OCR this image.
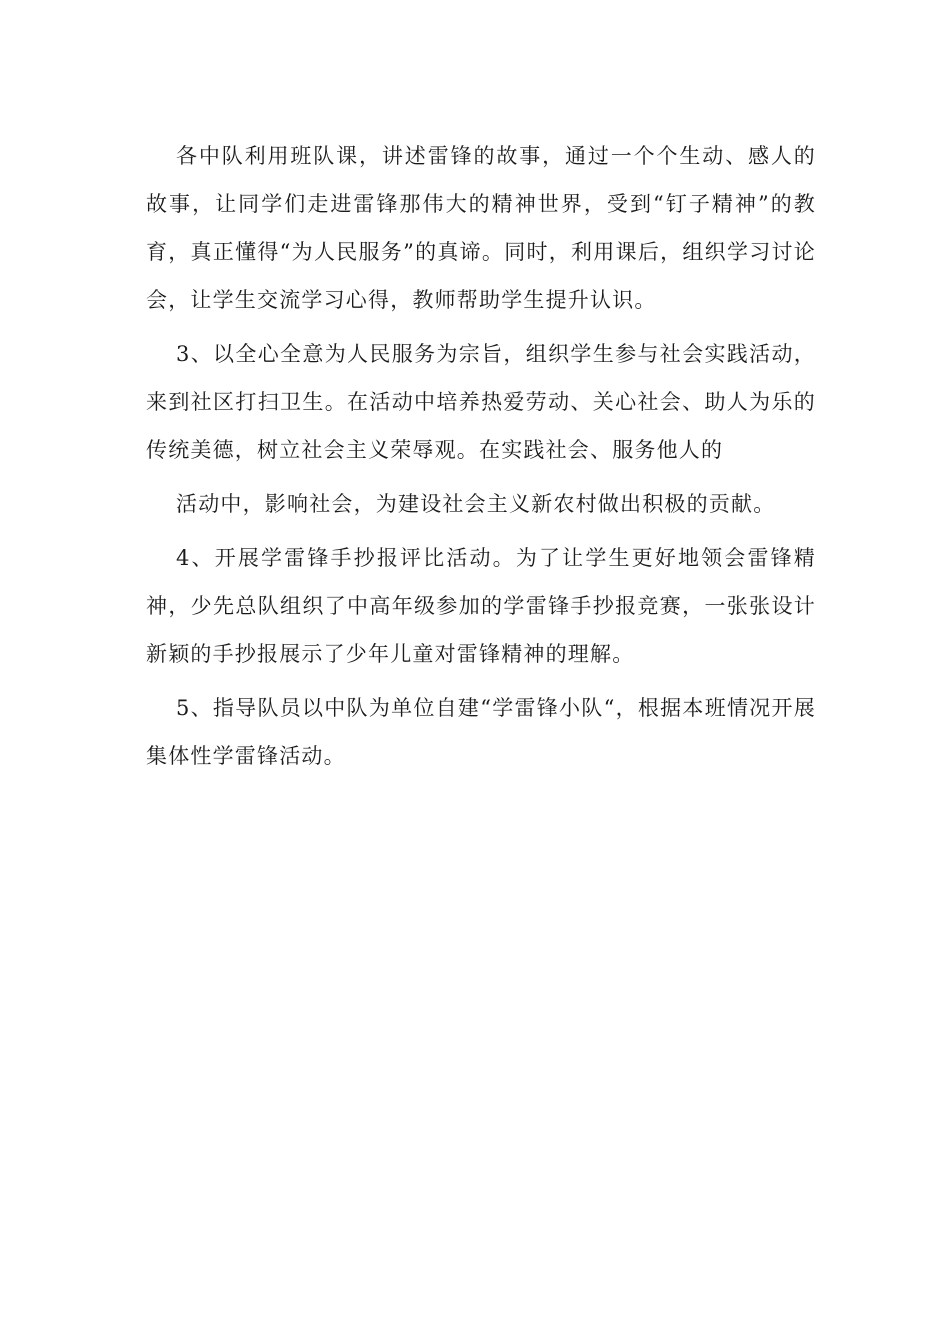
各中队利用班队课，讲述雷锋的故事，通过一个个生动、感人的故事，让同学们走进雷锋那伟大的精神世界，受到“钉子精神”的教育，真正懂得“为人民服务”的真谛。同时，利用课后，组织学习讨论会，让学生交流学习心得，教师帮助学生提升认识。

3、以全心全意为人民服务为宗旨，组织学生参与社会实践活动，来到社区打扫卫生。在活动中培养热爱劳动、关心社会、助人为乐的传统美德，树立社会主义荣辱观。在实践社会、服务他人的

活动中，影响社会，为建设社会主义新农村做出积极的贡献。

4、开展学雷锋手抄报评比活动。为了让学生更好地领会雷锋精神，少先总队组织了中高年级参加的学雷锋手抄报竞赛，一张张设计新颖的手抄报展示了少年儿童对雷锋精神的理解。

5、指导队员以中队为单位自建“学雷锋小队“，根据本班情况开展集体性学雷锋活动。
